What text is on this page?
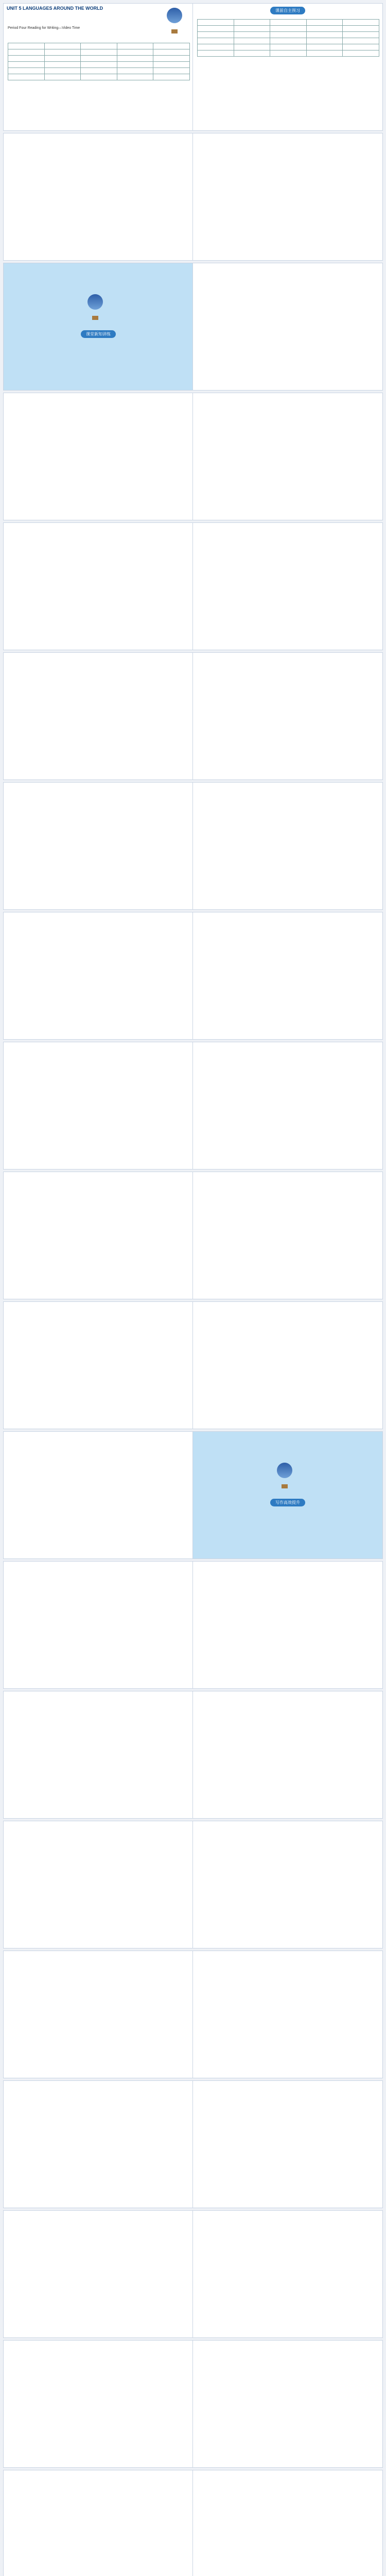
UNIT 5 LANGUAGES AROUND THE WORLD
Period Four Reading for Writing—Video Time

课前自主预习

课堂新知讲练
写作高效提升
